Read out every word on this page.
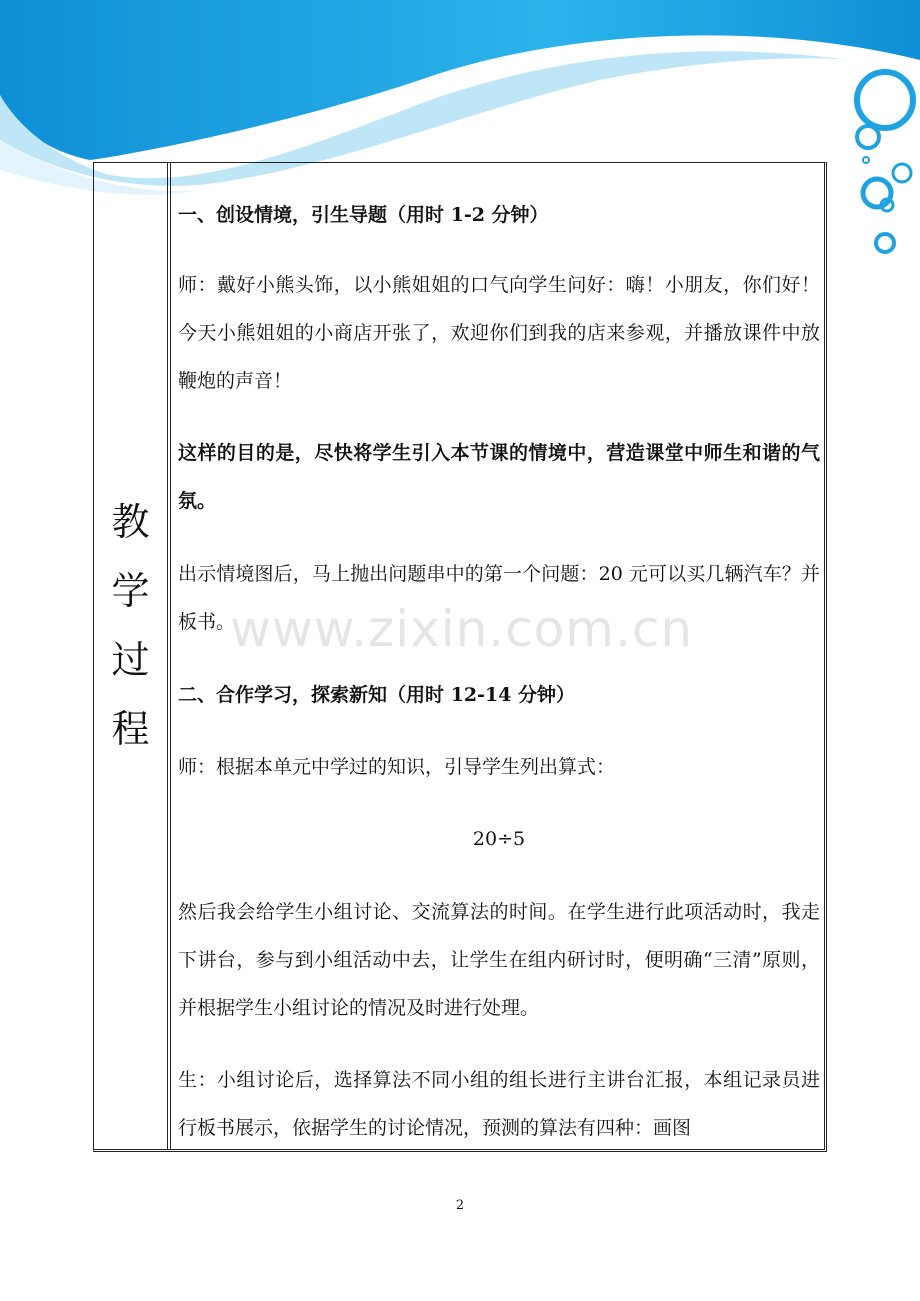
www.zixin.com.cn
教
学
过
程

一、创设情境，引生导题（用时 1-2 分钟）

师：戴好小熊头饰，以小熊姐姐的口气向学生问好：嗨！小朋友，你们好！今天小熊姐姐的小商店开张了，欢迎你们到我的店来参观，并播放课件中放鞭炮的声音！

这样的目的是，尽快将学生引入本节课的情境中，营造课堂中师生和谐的气氛。

出示情境图后，马上抛出问题串中的第一个问题：20 元可以买几辆汽车？并板书。

二、合作学习，探索新知（用时 12-14 分钟）

师：根据本单元中学过的知识，引导学生列出算式：

20÷5

然后我会给学生小组讨论、交流算法的时间。在学生进行此项活动时，我走下讲台，参与到小组活动中去，让学生在组内研讨时，便明确“三清”原则，并根据学生小组讨论的情况及时进行处理。

生：小组讨论后，选择算法不同小组的组长进行主讲台汇报，本组记录员进行板书展示，依据学生的讨论情况，预测的算法有四种：画图

2
